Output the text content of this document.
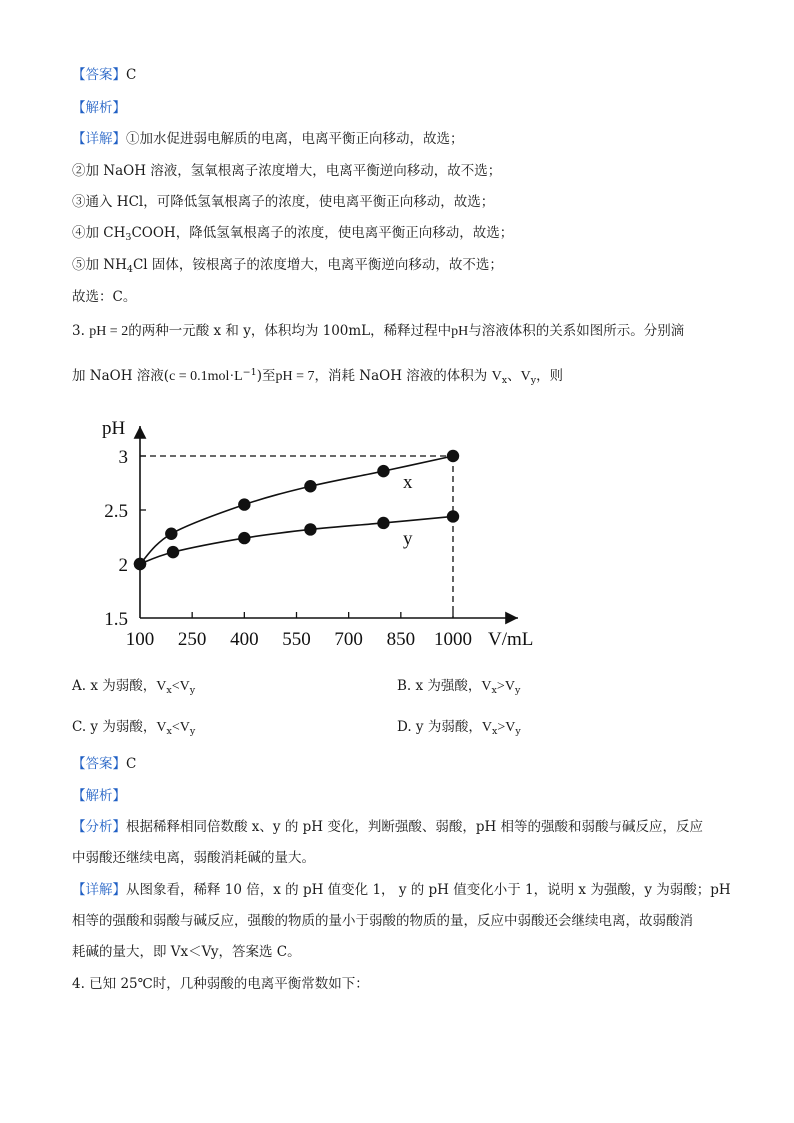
【答案】C
【解析】
【详解】①加水促进弱电解质的电离，电离平衡正向移动，故选；
②加 NaOH 溶液，氢氧根离子浓度增大，电离平衡逆向移动，故不选；
③通入 HCl，可降低氢氧根离子的浓度，使电离平衡正向移动，故选；
④加 $CH_3COOH$，降低氢氧根离子的浓度，使电离平衡正向移动，故选；
⑤加 $NH_4Cl$ 固体，铵根离子的浓度增大，电离平衡逆向移动，故不选；
故选：C。
3. pH = 2的两种一元酸 x 和 y，体积均为 100mL，稀释过程中pH与溶液体积的关系如图所示。分别滴
加 NaOH 溶液$(c = 0.1mol\cdot L^{-1})$至pH = 7，消耗 NaOH 溶液的体积为 $V_x$、$V_y$，则
100 250 400 550 700 850 1000
1.5
2
2.5
3
pH
V/mL
x
y
A. x 为弱酸，$V_x<V_y$	B. x 为强酸，$V_x>V_y$
C. y 为弱酸，$V_x<V_y$	D. y 为弱酸，$V_x>V_y$
【答案】C
【解析】
【分析】根据稀释相同倍数酸 x、y 的 pH 变化，判断强酸、弱酸，pH 相等的强酸和弱酸与碱反应，反应
中弱酸还继续电离，弱酸消耗碱的量大。
【详解】从图象看，稀释 10 倍，x 的 pH 值变化 1， y 的 pH 值变化小于 1，说明 x 为强酸，y 为弱酸；pH
相等的强酸和弱酸与碱反应，强酸的物质的量小于弱酸的物质的量，反应中弱酸还会继续电离，故弱酸消
耗碱的量大，即 Vx＜Vy，答案选 C。
4. 已知 25℃时，几种弱酸的电离平衡常数如下：
